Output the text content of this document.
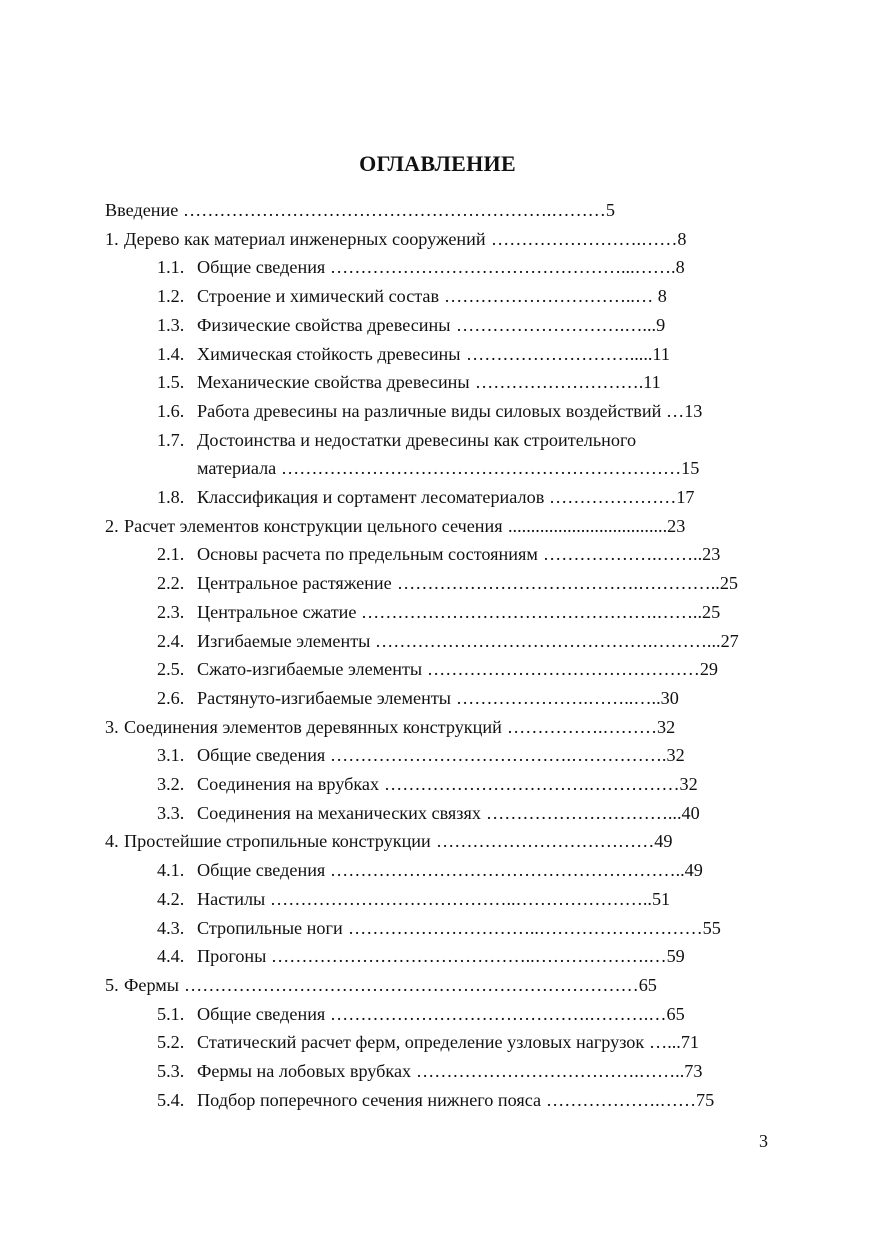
ОГЛАВЛЕНИЕ
Введение …………………………………………………….………5
1. Дерево как материал инженерных сооружений …………………….……8
1.1. Общие сведения …………………………………………...…….8
1.2. Строение и химический состав …………………………..… 8
1.3. Физические свойства древесины ……………………….…...9
1.4. Химическая стойкость древесины ……………………….....11
1.5. Механические свойства древесины ……………………….11
1.6. Работа древесины на различные виды силовых воздействий …13
1.7. Достоинства и недостатки древесины как строительного
материала …………………………………………………………15
1.8. Классификация и сортамент лесоматериалов …………………17
2. Расчет элементов конструкции цельного сечения ...................................23
2.1. Основы расчета по предельным состояниям ……………….……..23
2.2. Центральное растяжение ………………………………….…………..25
2.3. Центральное сжатие ………………………………………….……..25
2.4. Изгибаемые элементы ……………………………………….………...27
2.5. Сжато-изгибаемые элементы ………………………………………29
2.6. Растянуто-изгибаемые элементы ………………….……..…..30
3. Соединения элементов деревянных конструкций …………….………32
3.1. Общие сведения ………………………………….…………….32
3.2. Соединения на врубках …………………………….……………32
3.3. Соединения на механических связях …………………………...40
4. Простейшие стропильные конструкции ………………………………49
4.1. Общие сведения …………………………………………………..49
4.2. Настилы …………………………………..…………………..51
4.3. Стропильные ноги …………………………..………………………55
4.4. Прогоны ……………………………………..……………….…59
5. Фермы …………………………………………………………………65
5.1. Общие сведения …………………………………….……….…65
5.2. Статический расчет ферм, определение узловых нагрузок …...71
5.3. Фермы на лобовых врубках ……………………………….……..73
5.4. Подбор поперечного сечения нижнего пояса ……………….……75
3
